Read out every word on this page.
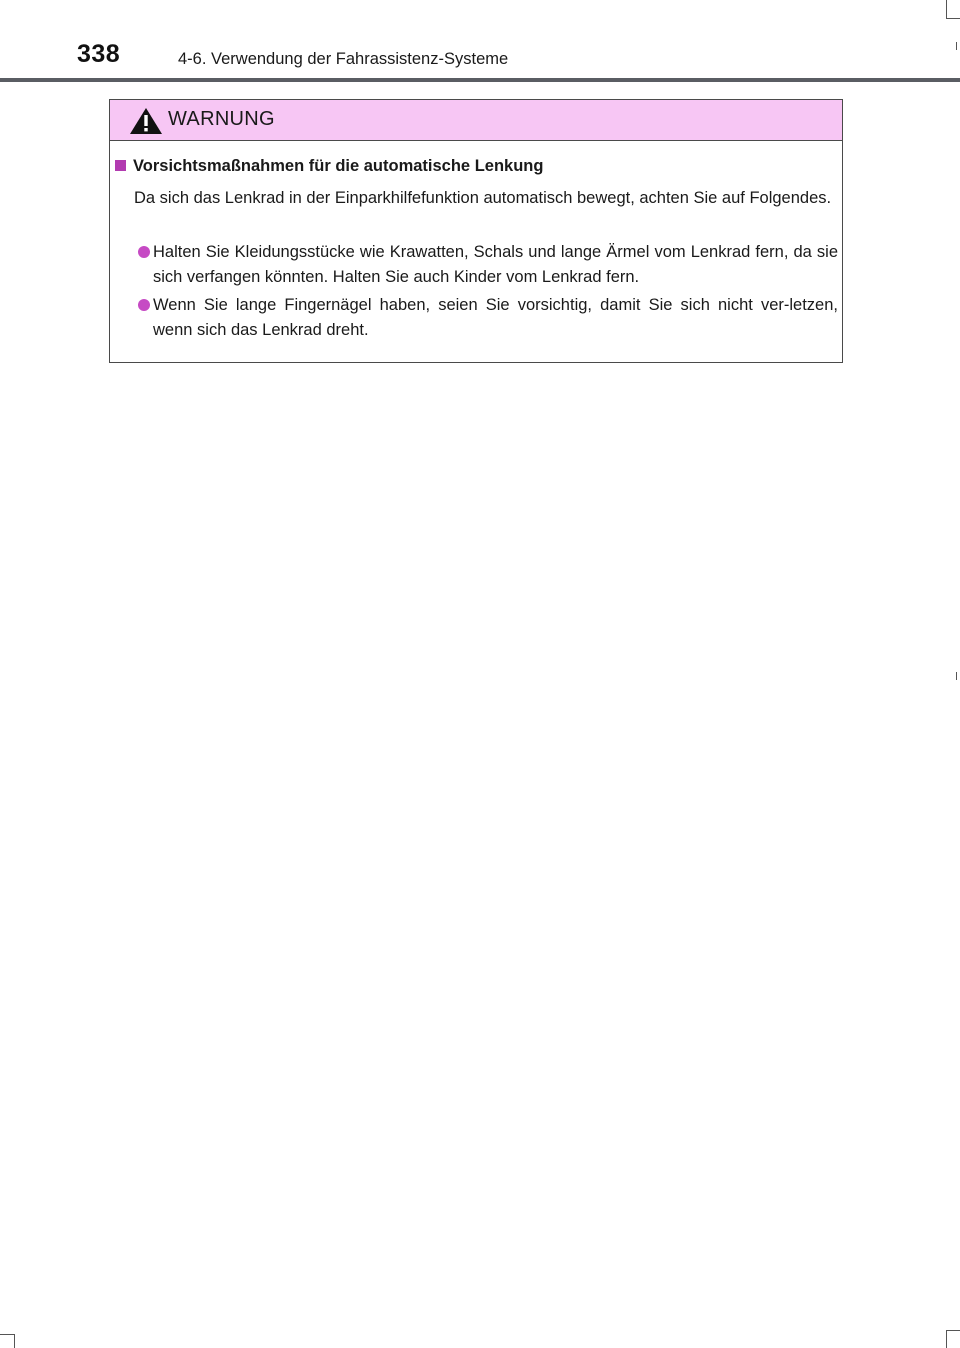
338	4-6. Verwendung der Fahrassistenz-Systeme
WARNUNG
Vorsichtsmaßnahmen für die automatische Lenkung
Da sich das Lenkrad in der Einparkhilfefunktion automatisch bewegt, achten Sie auf Folgendes.
Halten Sie Kleidungsstücke wie Krawatten, Schals und lange Ärmel vom Lenkrad fern, da sie sich verfangen könnten. Halten Sie auch Kinder vom Lenkrad fern.
Wenn Sie lange Fingernägel haben, seien Sie vorsichtig, damit Sie sich nicht ver-letzen, wenn sich das Lenkrad dreht.
